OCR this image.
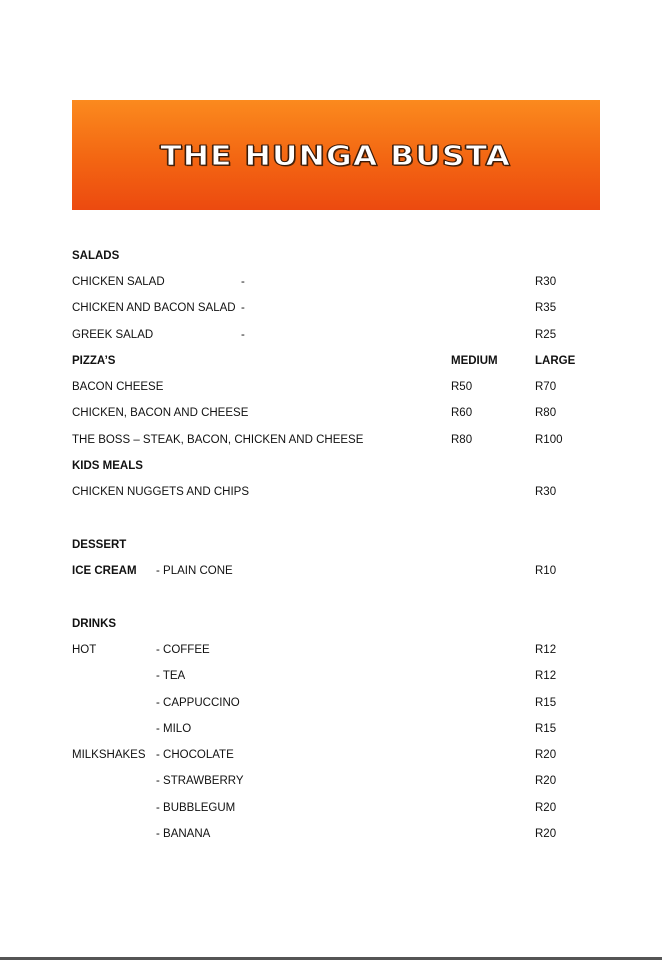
THE HUNGA BUSTA
SALADS
CHICKEN SALAD	-	R30
CHICKEN AND BACON SALAD -	R35
GREEK SALAD	-	R25
PIZZA’S	MEDIUM	LARGE
BACON CHEESE	R50	R70
CHICKEN, BACON AND CHEESE	R60	R80
THE BOSS – STEAK, BACON, CHICKEN AND CHEESE	R80	R100
KIDS MEALS
CHICKEN NUGGETS AND CHIPS	R30
DESSERT
ICE CREAM - PLAIN CONE	R10
DRINKS
HOT	- COFFEE	R12
- TEA	R12
- CAPPUCCINO	R15
- MILO	R15
MILKSHAKES - CHOCOLATE	R20
- STRAWBERRY	R20
- BUBBLEGUM	R20
- BANANA	R20
